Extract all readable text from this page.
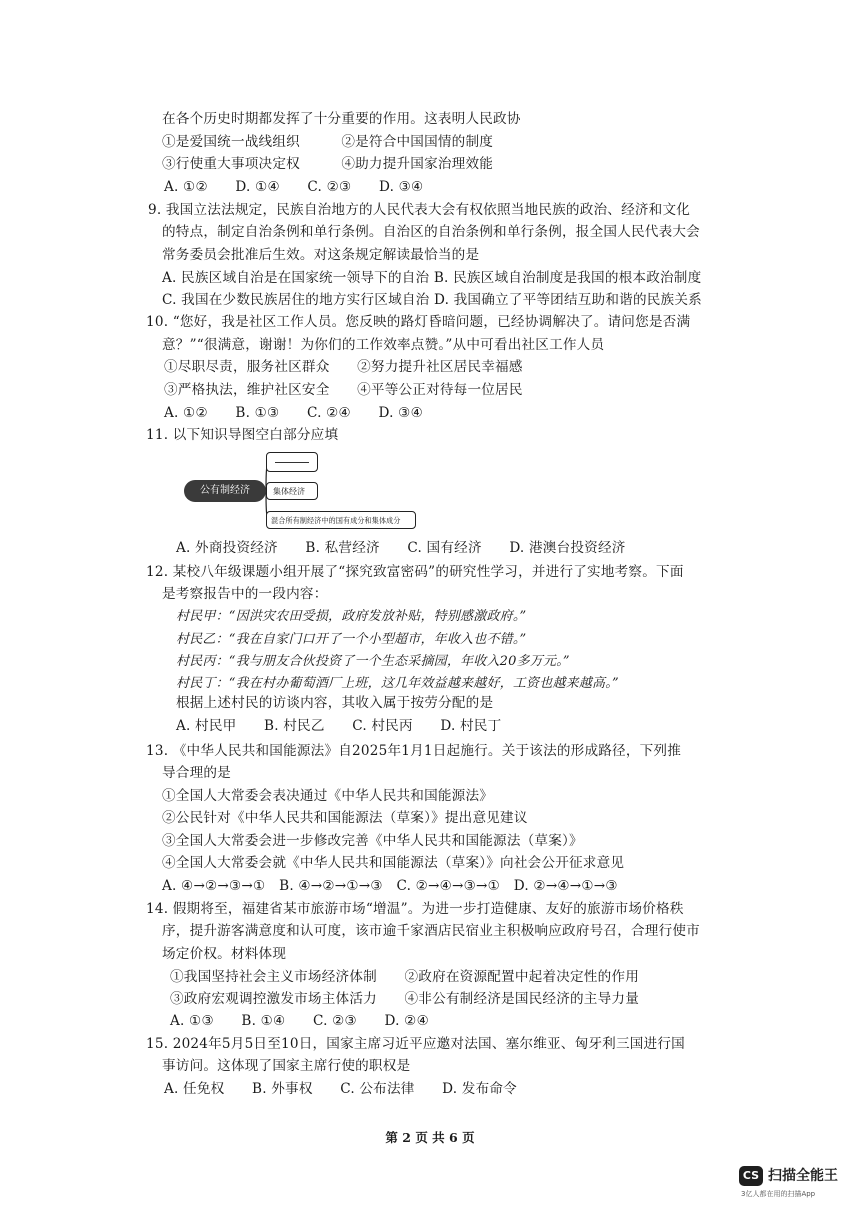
在各个历史时期都发挥了十分重要的作用。这表明人民政协
①是爱国统一战线组织　　　②是符合中国国情的制度
③行使重大事项决定权　　　④助力提升国家治理效能
A. ①②　　D. ①④　　C. ②③　　D. ③④
9. 我国立法法规定，民族自治地方的人民代表大会有权依照当地民族的政治、经济和文化
的特点，制定自治条例和单行条例。自治区的自治条例和单行条例，报全国人民代表大会
常务委员会批准后生效。对这条规定解读最恰当的是
A. 民族区域自治是在国家统一领导下的自治 B. 民族区域自治制度是我国的根本政治制度
C. 我国在少数民族居住的地方实行区域自治 D. 我国确立了平等团结互助和谐的民族关系
10. “您好，我是社区工作人员。您反映的路灯昏暗问题，已经协调解决了。请问您是否满
意？”“很满意，谢谢！为你们的工作效率点赞。”从中可看出社区工作人员
①尽职尽责，服务社区群众　　②努力提升社区居民幸福感
③严格执法，维护社区安全　　④平等公正对待每一位居民
A. ①②　　B. ①③　　C. ②④　　D. ③④
11. 以下知识导图空白部分应填
A. 外商投资经济　　B. 私营经济　　C. 国有经济　　D. 港澳台投资经济
12. 某校八年级课题小组开展了“探究致富密码”的研究性学习，并进行了实地考察。下面
是考察报告中的一段内容：
根据上述村民的访谈内容，其收入属于按劳分配的是
A. 村民甲　　B. 村民乙　　C. 村民丙　　D. 村民丁
13. 《中华人民共和国能源法》自2025年1月1日起施行。关于该法的形成路径，下列推
导合理的是
①全国人大常委会表决通过《中华人民共和国能源法》
②公民针对《中华人民共和国能源法（草案）》提出意见建议
③全国人大常委会进一步修改完善《中华人民共和国能源法（草案）》
④全国人大常委会就《中华人民共和国能源法（草案）》向社会公开征求意见
A. ④→②→③→①　B. ④→②→①→③　C. ②→④→③→①　D. ②→④→①→③
14. 假期将至，福建省某市旅游市场“增温”。为进一步打造健康、友好的旅游市场价格秩
序，提升游客满意度和认可度，该市逾千家酒店民宿业主积极响应政府号召，合理行使市
场定价权。材料体现
①我国坚持社会主义市场经济体制　　②政府在资源配置中起着决定性的作用
③政府宏观调控激发市场主体活力　　④非公有制经济是国民经济的主导力量
A. ①③　　B. ①④　　C. ②③　　D. ②④
15. 2024年5月5日至10日，国家主席习近平应邀对法国、塞尔维亚、匈牙利三国进行国
事访问。这体现了国家主席行使的职权是
A. 任免权　　B. 外事权　　C. 公布法律　　D. 发布命令
村民甲：“因洪灾农田受损，政府发放补贴，特别感激政府。”
村民乙：“我在自家门口开了一个小型超市，年收入也不错。”
村民丙：“我与朋友合伙投资了一个生态采摘园，年收入20多万元。”
村民丁：“我在村办葡萄酒厂上班，这几年效益越来越好，工资也越来越高。”
公有制经济	集体经济
混合所有制经济中的国有成分和集体成分
第 2 页 共 6 页
CS 扫描全能王
3亿人都在用的扫描App
